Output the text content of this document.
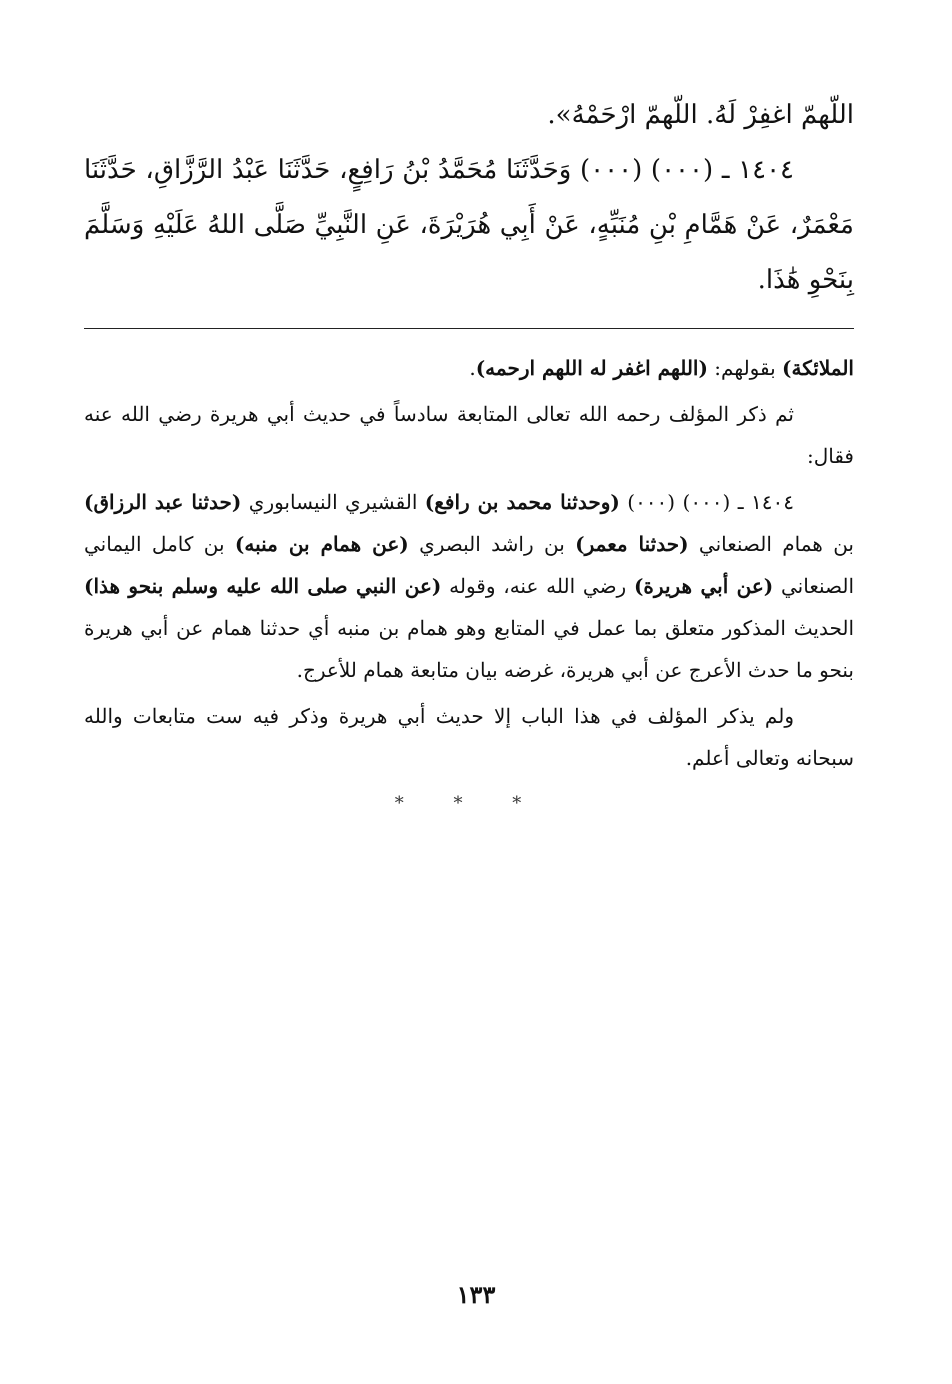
اللّهمّ اغفِرْ لَهُ. اللّهمّ ارْحَمْهُ».

١٤٠٤ ـ (٠٠٠) (٠٠٠) وَحَدَّثَنَا مُحَمَّدُ بْنُ رَافِعٍ، حَدَّثَنَا عَبْدُ الرَّزَّاقِ، حَدَّثَنَا مَعْمَرٌ، عَنْ هَمَّامِ بْنِ مُنَبِّهٍ، عَنْ أَبِي هُرَيْرَةَ، عَنِ النَّبِيِّ صَلَّى اللهُ عَلَيْهِ وَسَلَّمَ بِنَحْوِ هَٰذَا.

الملائكة) بقولهم: (اللهم اغفر له اللهم ارحمه).

ثم ذكر المؤلف رحمه الله تعالى المتابعة سادساً في حديث أبي هريرة رضي الله عنه فقال:

١٤٠٤ ـ (٠٠٠) (٠٠٠) (وحدثنا محمد بن رافع) القشيري النيسابوري (حدثنا عبد الرزاق) بن همام الصنعاني (حدثنا معمر) بن راشد البصري (عن همام بن منبه) بن كامل اليماني الصنعاني (عن أبي هريرة) رضي الله عنه، وقوله (عن النبي صلى الله عليه وسلم بنحو هذا) الحديث المذكور متعلق بما عمل في المتابع وهو همام بن منبه أي حدثنا همام عن أبي هريرة بنحو ما حدث الأعرج عن أبي هريرة، غرضه بيان متابعة همام للأعرج.

ولم يذكر المؤلف في هذا الباب إلا حديث أبي هريرة وذكر فيه ست متابعات والله سبحانه وتعالى أعلم.

* * *
١٣٣
